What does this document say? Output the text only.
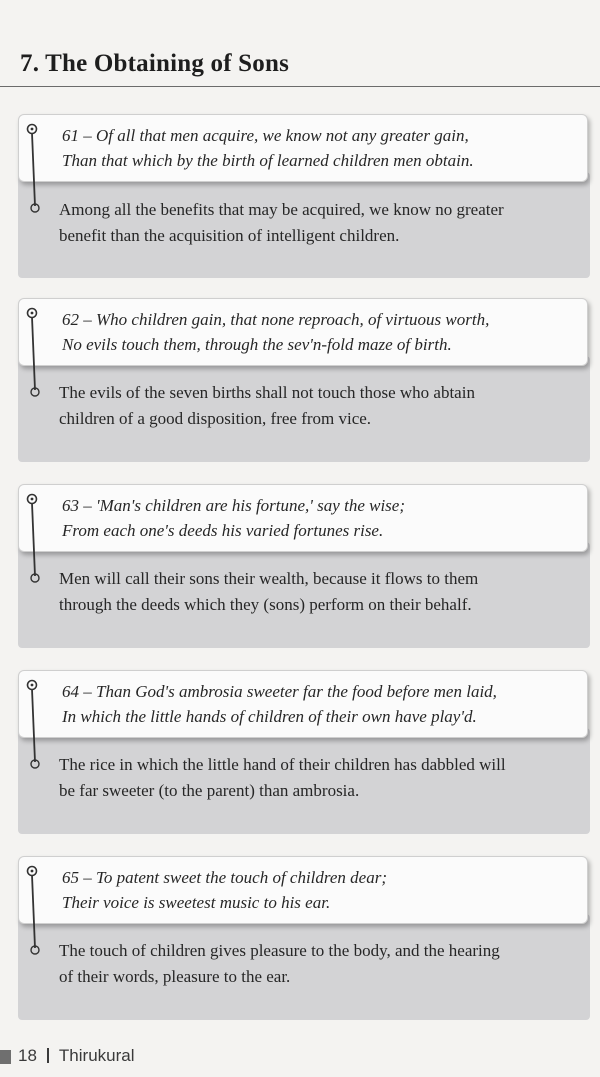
7. The Obtaining of Sons
61 – Of all that men acquire, we know not any greater gain,
Than that which by the birth of learned children men obtain.
Among all the benefits that may be acquired, we know no greater
benefit than the acquisition of intelligent children.
62 – Who children gain, that none reproach, of virtuous worth,
No evils touch them, through the sev'n-fold maze of birth.
The evils of the seven births shall not touch those who abtain
children of a good disposition, free from vice.
63 – 'Man's children are his fortune,' say the wise;
From each one's deeds his varied fortunes rise.
Men will call their sons their wealth, because it flows to them
through the deeds which they (sons) perform on their behalf.
64 – Than God's ambrosia sweeter far the food before men laid,
In which the little hands of children of their own have play'd.
The rice in which the little hand of their children has dabbled will
be far sweeter (to the parent) than ambrosia.
65 – To patent sweet the touch of children dear;
Their voice is sweetest music to his ear.
The touch of children gives pleasure to the body, and the hearing
of their words, pleasure to the ear.
18 Thirukural
